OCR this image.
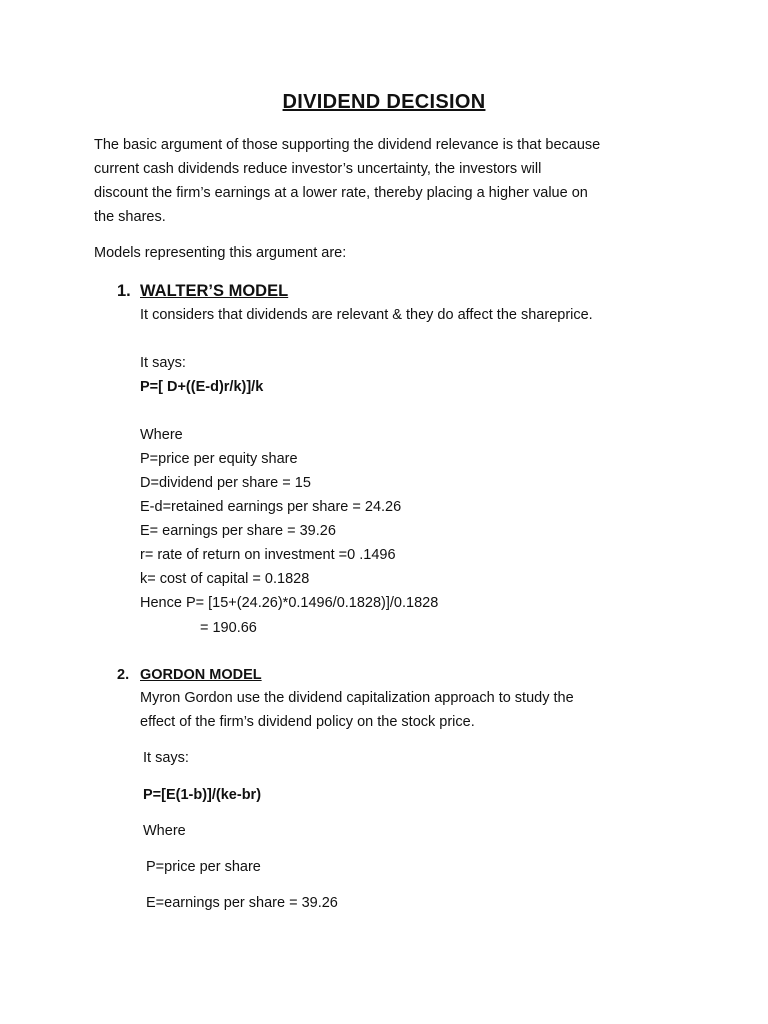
DIVIDEND DECISION
The basic argument of those supporting the dividend relevance is that because
current cash dividends reduce investor’s uncertainty, the investors will
discount the firm’s earnings at a lower rate, thereby placing a higher value on
the shares.
Models representing this argument are:
1. WALTER’S MODEL
It considers that dividends are relevant & they do affect the shareprice.
It says:
P=[ D+((E-d)r/k)]/k
Where
P=price per equity share
D=dividend per share = 15
E-d=retained earnings per share = 24.26
E= earnings per share = 39.26
r= rate of return on investment =0 .1496
k= cost of capital = 0.1828
Hence P= [15+(24.26)*0.1496/0.1828)]/0.1828
= 190.66
2. GORDON MODEL
Myron Gordon use the dividend capitalization approach to study the
effect of the firm’s dividend policy on the stock price.
It says:
P=[E(1-b)]/(ke-br)
Where
P=price per share
E=earnings per share = 39.26
